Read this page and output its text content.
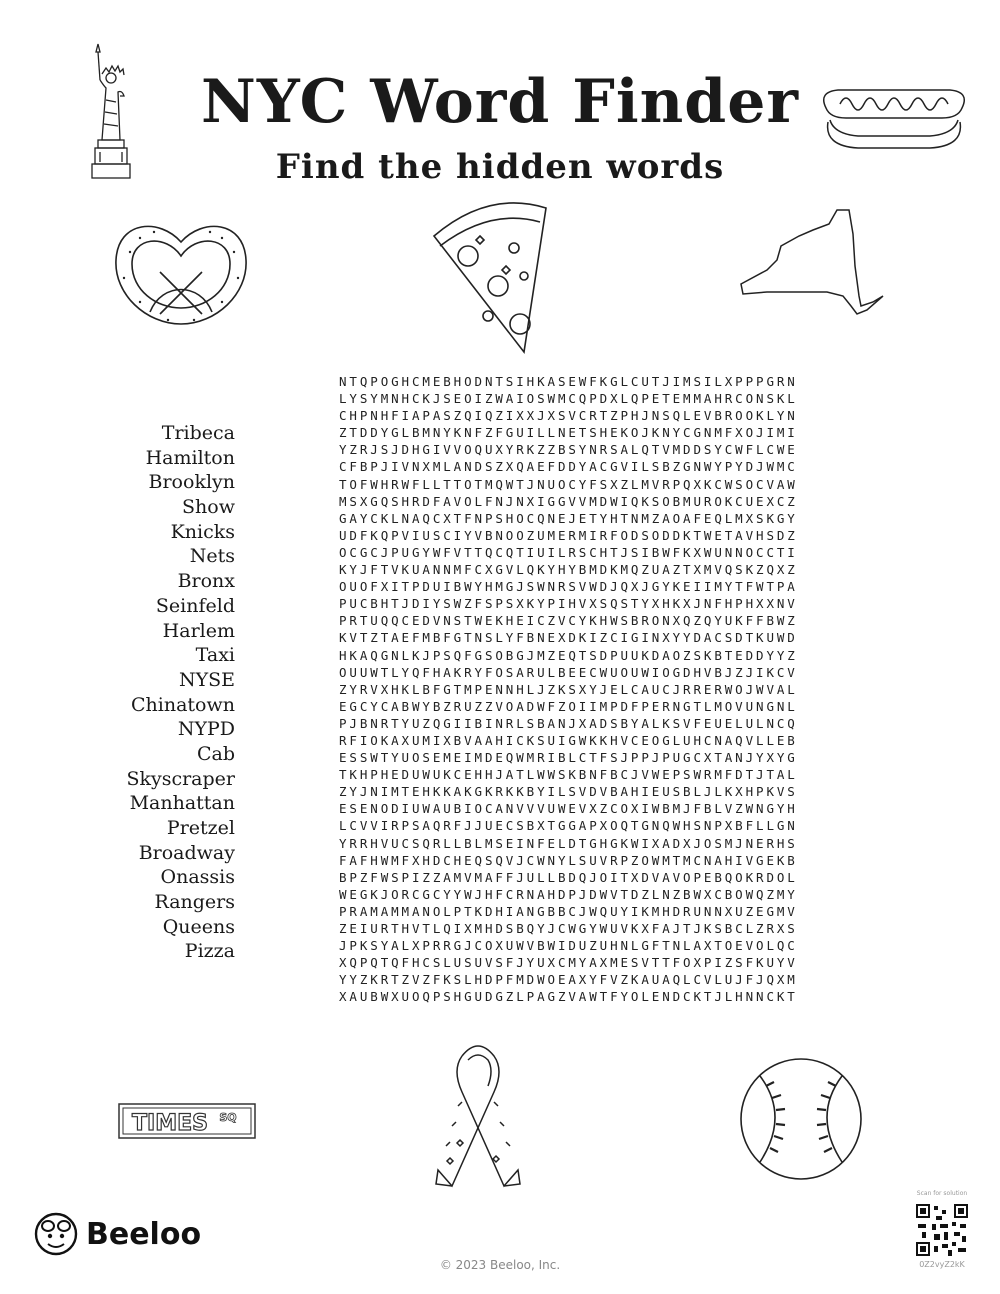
NYC Word Finder
Find the hidden words
Tribeca
Hamilton
Brooklyn
Show
Knicks
Nets
Bronx
Seinfeld
Harlem
Taxi
NYSE
Chinatown
NYPD
Cab
Skyscraper
Manhattan
Pretzel
Broadway
Onassis
Rangers
Queens
Pizza
NTQPOGHCMEBHODNTSIHKASEWFKGLCUTJIMSILXPPPGRN
LYSYMNHCKJSEOIZWAIOSWMCQPDXLQPETEMMAHRCONSKL
CHPNHFIAPASZQIQZIXXJXSVCRTZPHJNSQLEVBROOKLYN
ZTDDYGLBMNYKNFZFGUILLNETSHEKOJKNYCGNMFXOJIMI
YZRJSJDHGIVVOQUXYRKZZBSYNRSALQTVMDDSYCWFLCWE
CFBPJIVNXMLANDSZXQAEFDDYACGVILSBZGNWYPYDJWMC
TOFWHRWFLLTTOTMQWTJNUOCYFSXZLMVRPQXKCWSOCVAW
MSXGQSHRDFAVOLFNJNXIGGVVMDWIQKSOBMUROKCUEXCZ
GAYCKLNAQCXTFNPSHOCQNEJETYHTNMZAOAFEQLMXSKGY
UDFKQPVIUSCIYVBNOOZUMERMIRFODSODDKTWETAVHSDZ
OCGCJPUGYWFVTTQCQTIUILRSCHTJSIBWFKXWUNNOCCTI
KYJFTVKUANNMFCXGVLQKYHYBMDKMQZUAZTXMVQSKZQXZ
OUOFXITPDUIBWYHMGJSWNRSVWDJQXJGYKEIIMYTFWTPA
PUCBHTJDIYSWZFSPSXKYPIHVXSQSTYXHKXJNFHPHXXNV
PRTUQQCEDVNSTWEKHEICZVCYKHWSBRONXQZQYUKFFBWZ
KVTZTAEFMBFGTNSLYFBNEXDKIZCIGINXYYDACSDTKUWD
HKAQGNLKJPSQFGSOBGJMZEQTSDPUUKDAOZSKBTEDDYYZ
OUUWTLYQFHAKRYFOSARULBEECWUOUWIOGDHVBJZJIKCV
ZYRVXHKLBFGTMPENNHLJZKSXYJELCAUCJRRERWOJWVAL
EGCYCABWYBZRUZZVOADWFZOIIMPDFPERNGTLMOVUNGNL
PJBNRTYUZQGIIBINRLSBANJXADSBYALKSVFEUELULNCQ
RFIOKAXUMIXBVAAHICKSUIGWKKHVCEOGLUHCNAQVLLEB
ESSWTYUOSEMEIMDEQWMRIBLCTFSJPPJPUGCXTANJYXYG
TKHPHEDUWUKCEHHJATLWWSKBNFBCJVWEPSWRMFDTJTAL
ZYJNIMTEHKKAKGKRKKBYILSVDVBAHIEUSBLJLKXHPKVS
ESENODIUWAUBIOCANVVVUWEVXZCOXIWBMJFBLVZWNGYH
LCVVIRPSAQRFJJUECSBXTGGAPXOQTGNQWHSNPXBFLLGN
YRRHVUCSQRLLBLMSEINFELDTGHGKWIXADXJOSMJNERHS
FAFHWMFXHDCHEQSQVJCWNYLSUVRPZOWMTMCNAHIVGEKB
BPZFWSPIZZAMVMAFFJULLBDQJOITXDVAVOPEBQOKRDOL
WEGKJORCGCYYWJHFCRNAHDPJDWVTDZLNZBWXCBOWQZMY
PRAMAMMANOLPTKDHIANGBBCJWQUYIKMHDRUNNXUZEGMV
ZEIURTHVTLQIXMHDSBQYJCWGYWUVKXFAJTJKSBCLZRXS
JPKSYALXPRRGJCOXUWVBWIDUZUHNLGFTNLAXTOEVOLQC
XQPQTQFHCSLUSUVSFJYUXCMYAXMESVTTFOXPIZSFKUYV
YYZKRTZVZFKSLHDPFMDWOEAXYFVZKAUAQLCVLUJFJQXM
XAUBWXUOQPSHGUDGZLPAGZVAWTFYOLENDCKTJLHNNCKT
TIMES SQ
Beeloo
© 2023 Beeloo, Inc.
Scan for solution
0Z2vyZ2kK
